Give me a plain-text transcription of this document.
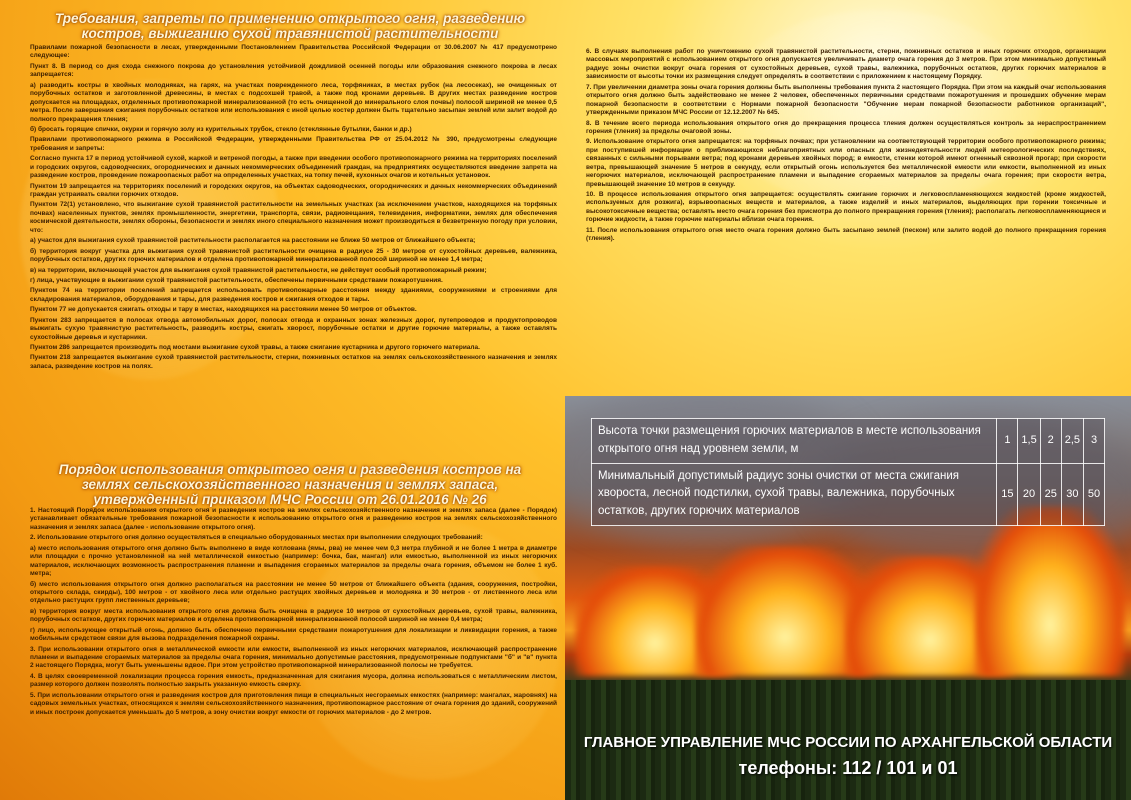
Требования, запреты по применению открытого огня, разведению костров, выжиганию сухой травянистой растительности

Правилами пожарной безопасности в лесах, утвержденными Постановлением Правительства Российской Федерации от 30.06.2007 № 417 предусмотрено следующее:

Пункт 8. В период со дня схода снежного покрова до установления устойчивой дождливой осенней погоды или образования снежного покрова в лесах запрещается:

а) разводить костры в хвойных молодняках, на гарях, на участках поврежденного леса, торфяниках, в местах рубок (на лесосеках), не очищенных от порубочных остатков и заготовленной древесины, в местах с подсохшей травой, а также под кронами деревьев. В других местах разведение костров допускается на площадках, отделенных противопожарной минерализованной (то есть очищенной до минерального слоя почвы) полосой шириной не менее 0,5 метра. После завершения сжигания порубочных остатков или использования с иной целью костер должен быть тщательно засыпан землей или залит водой до полного прекращения тления;

б) бросать горящие спички, окурки и горячую золу из курительных трубок, стекло (стеклянные бутылки, банки и др.)

Правилами противопожарного режима в Российской Федерации, утвержденными Правительства РФ от 25.04.2012 № 390, предусмотрены следующие требования и запреты:

Согласно пункта 17 в период устойчивой сухой, жаркой и ветреной погоды, а также при введении особого противопожарного режима на территориях поселений и городских округов, садоводческих, огороднических и дачных некоммерческих объединений граждан, на предприятиях осуществляются введение запрета на разведение костров, проведение пожароопасных работ на определенных участках, на топку печей, кухонных очагов и котельных установок.

Пунктом 19 запрещается на территориях поселений и городских округов, на объектах садоводческих, огороднических и дачных некоммерческих объединений граждан устраивать свалки горючих отходов.

Пунктом 72(1) установлено, что выжигание сухой травянистой растительности на земельных участках (за исключением участков, находящихся на торфяных почвах) населенных пунктов, землях промышленности, энергетики, транспорта, связи, радиовещания, телевидения, информатики, землях для обеспечения космической деятельности, землях обороны, безопасности и землях иного специального назначения может производиться в безветренную погоду при условии, что:

а) участок для выжигания сухой травянистой растительности располагается на расстоянии не ближе 50 метров от ближайшего объекта;

б) территория вокруг участка для выжигания сухой травянистой растительности очищена в радиусе 25 - 30 метров от сухостойных деревьев, валежника, порубочных остатков, других горючих материалов и отделена противопожарной минерализованной полосой шириной не менее 1,4 метра;

в) на территории, включающей участок для выжигания сухой травянистой растительности, не действует особый противопожарный режим;

г) лица, участвующие в выжигании сухой травянистой растительности, обеспечены первичными средствами пожаротушения.

Пунктом 74 на территории поселений запрещается использовать противопожарные расстояния между зданиями, сооружениями и строениями для складирования материалов, оборудования и тары, для разведения костров и сжигания отходов и тары.

Пунктом 77 не допускается сжигать отходы и тару в местах, находящихся на расстоянии менее 50 метров от объектов.

Пунктом 283 запрещается в полосах отвода автомобильных дорог, полосах отвода и охранных зонах железных дорог, путепроводов и продуктопроводов выжигать сухую травянистую растительность, разводить костры, сжигать хворост, порубочные остатки и другие горючие материалы, а также оставлять сухостойные деревья и кустарники.

Пунктом 286 запрещается производить под мостами выжигание сухой травы, а также сжигание кустарника и другого горючего материала.

Пунктом 218 запрещается выжигание сухой травянистой растительности, стерни, пожнивных остатков на землях сельскохозяйственного назначения и землях запаса, разведение костров на полях.

Порядок использования открытого огня и разведения костров на землях сельскохозяйственного назначения и землях запаса, утвержденный приказом МЧС России от 26.01.2016 № 26

1. Настоящий Порядок использования открытого огня и разведения костров на землях сельскохозяйственного назначения и землях запаса (далее - Порядок) устанавливает обязательные требования пожарной безопасности к использованию открытого огня и разведению костров на землях сельскохозяйственного назначения и землях запаса (далее - использование открытого огня).

2. Использование открытого огня должно осуществляться в специально оборудованных местах при выполнении следующих требований:

а) место использования открытого огня должно быть выполнено в виде котлована (ямы, рва) не менее чем 0,3 метра глубиной и не более 1 метра в диаметре или площадки с прочно установленной на ней металлической емкостью (например: бочка, бак, мангал) или емкостью, выполненной из иных негорючих материалов, исключающих возможность распространения пламени и выпадения сгораемых материалов за пределы очага горения, объемом не более 1 куб. метра;

б) место использования открытого огня должно располагаться на расстоянии не менее 50 метров от ближайшего объекта (здания, сооружения, постройки, открытого склада, скирды), 100 метров - от хвойного леса или отдельно растущих хвойных деревьев и молодняка и 30 метров - от лиственного леса или отдельно растущих групп лиственных деревьев;

в) территория вокруг места использования открытого огня должна быть очищена в радиусе 10 метров от сухостойных деревьев, сухой травы, валежника, порубочных остатков, других горючих материалов и отделена противопожарной минерализованной полосой шириной не менее 0,4 метра;

г) лицо, использующее открытый огонь, должно быть обеспечено первичными средствами пожаротушения для локализации и ликвидации горения, а также мобильным средством связи для вызова подразделения пожарной охраны.

3. При использовании открытого огня в металлической емкости или емкости, выполненной из иных негорючих материалов, исключающей распространение пламени и выпадение сгораемых материалов за пределы очага горения, минимально допустимые расстояния, предусмотренные подпунктами "б" и "в" пункта 2 настоящего Порядка, могут быть уменьшены вдвое. При этом устройство противопожарной минерализованной полосы не требуется.

4. В целях своевременной локализации процесса горения емкость, предназначенная для сжигания мусора, должна использоваться с металлическим листом, размер которого должен позволять полностью закрыть указанную емкость сверху.

5. При использовании открытого огня и разведения костров для приготовления пищи в специальных несгораемых емкостях (например: мангалах, жаровнях) на садовых земельных участках, относящихся к землям сельскохозяйственного назначения, противопожарное расстояние от очага горения до зданий, сооружений и иных построек допускается уменьшать до 5 метров, а зону очистки вокруг емкости от горючих материалов - до 2 метров.

6. В случаях выполнения работ по уничтожению сухой травянистой растительности, стерни, пожнивных остатков и иных горючих отходов, организации массовых мероприятий с использованием открытого огня допускается увеличивать диаметр очага горения до 3 метров. При этом минимально допустимый радиус зоны очистки вокруг очага горения от сухостойных деревьев, сухой травы, валежника, порубочных остатков, других горючих материалов в зависимости от высоты точки их размещения следует определять в соответствии с приложением к настоящему Порядку.

7. При увеличении диаметра зоны очага горения должны быть выполнены требования пункта 2 настоящего Порядка. При этом на каждый очаг использования открытого огня должно быть задействовано не менее 2 человек, обеспеченных первичными средствами пожаротушения и прошедших обучение мерам пожарной безопасности в соответствии с Нормами пожарной безопасности "Обучение мерам пожарной безопасности работников организаций", утвержденными приказом МЧС России от 12.12.2007 № 645.

8. В течение всего периода использования открытого огня до прекращения процесса тления должен осуществляться контроль за нераспространением горения (тления) за пределы очаговой зоны.

9. Использование открытого огня запрещается: на торфяных почвах; при установлении на соответствующей территории особого противопожарного режима; при поступившей информации о приближающихся неблагоприятных или опасных для жизнедеятельности людей метеорологических последствиях, связанных с сильными порывами ветра; под кронами деревьев хвойных пород; в емкости, стенки которой имеют огненный сквозной прогар; при скорости ветра, превышающей значение 5 метров в секунду, если открытый огонь используется без металлической емкости или емкости, выполненной из иных негорючих материалов, исключающей распространение пламени и выпадение сгораемых материалов за пределы очага горения; при скорости ветра, превышающей значение 10 метров в секунду.

10. В процессе использования открытого огня запрещается: осуществлять сжигание горючих и легковоспламеняющихся жидкостей (кроме жидкостей, используемых для розжига), взрывоопасных веществ и материалов, а также изделий и иных материалов, выделяющих при горении токсичные и высокотоксичные вещества; оставлять место очага горения без присмотра до полного прекращения горения (тления); располагать легковоспламеняющиеся и горючие жидкости, а также горючие материалы вблизи очага горения.

11. После использования открытого огня место очага горения должно быть засыпано землей (песком) или залито водой до полного прекращения горения (тления).

Высота точки размещения горючих материалов в месте использования открытого огня над уровнем земли, м	1	1,5	2	2,5	3
Минимальный допустимый радиус зоны очистки от места сжигания хвороста, лесной подстилки, сухой травы, валежника, порубочных остатков, других горючих материалов	15	20	25	30	50
ГЛАВНОЕ УПРАВЛЕНИЕ МЧС РОССИИ ПО АРХАНГЕЛЬСКОЙ ОБЛАСТИ
телефоны: 112 / 101 и 01
